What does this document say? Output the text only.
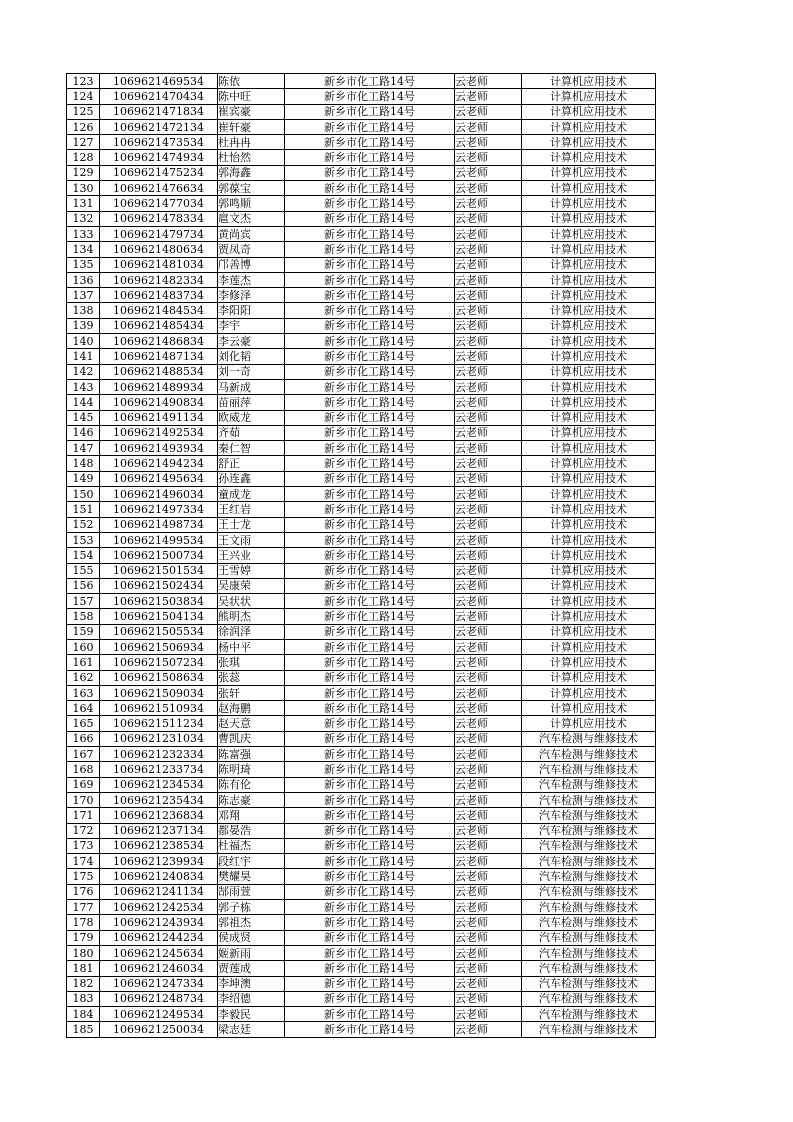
123	1069621469534	陈依	新乡市化工路14号	云老师	计算机应用技术
124	1069621470434	陈中旺	新乡市化工路14号	云老师	计算机应用技术
125	1069621471834	崔宾豪	新乡市化工路14号	云老师	计算机应用技术
126	1069621472134	崔轩豪	新乡市化工路14号	云老师	计算机应用技术
127	1069621473534	杜冉冉	新乡市化工路14号	云老师	计算机应用技术
128	1069621474934	杜怡然	新乡市化工路14号	云老师	计算机应用技术
129	1069621475234	郭海鑫	新乡市化工路14号	云老师	计算机应用技术
130	1069621476634	郭葆宝	新乡市化工路14号	云老师	计算机应用技术
131	1069621477034	郭鸣顺	新乡市化工路14号	云老师	计算机应用技术
132	1069621478334	扈文杰	新乡市化工路14号	云老师	计算机应用技术
133	1069621479734	黄尚宾	新乡市化工路14号	云老师	计算机应用技术
134	1069621480634	贾凤奇	新乡市化工路14号	云老师	计算机应用技术
135	1069621481034	邝善博	新乡市化工路14号	云老师	计算机应用技术
136	1069621482334	李莲杰	新乡市化工路14号	云老师	计算机应用技术
137	1069621483734	李修泽	新乡市化工路14号	云老师	计算机应用技术
138	1069621484534	李阳阳	新乡市化工路14号	云老师	计算机应用技术
139	1069621485434	李宇	新乡市化工路14号	云老师	计算机应用技术
140	1069621486834	李云豪	新乡市化工路14号	云老师	计算机应用技术
141	1069621487134	刘化韬	新乡市化工路14号	云老师	计算机应用技术
142	1069621488534	刘一奇	新乡市化工路14号	云老师	计算机应用技术
143	1069621489934	马新成	新乡市化工路14号	云老师	计算机应用技术
144	1069621490834	苗丽萍	新乡市化工路14号	云老师	计算机应用技术
145	1069621491134	欧威龙	新乡市化工路14号	云老师	计算机应用技术
146	1069621492534	齐茹	新乡市化工路14号	云老师	计算机应用技术
147	1069621493934	秦仁智	新乡市化工路14号	云老师	计算机应用技术
148	1069621494234	舒正	新乡市化工路14号	云老师	计算机应用技术
149	1069621495634	孙连鑫	新乡市化工路14号	云老师	计算机应用技术
150	1069621496034	童成龙	新乡市化工路14号	云老师	计算机应用技术
151	1069621497334	王红岩	新乡市化工路14号	云老师	计算机应用技术
152	1069621498734	王士龙	新乡市化工路14号	云老师	计算机应用技术
153	1069621499534	王文雨	新乡市化工路14号	云老师	计算机应用技术
154	1069621500734	王兴业	新乡市化工路14号	云老师	计算机应用技术
155	1069621501534	王雪婷	新乡市化工路14号	云老师	计算机应用技术
156	1069621502434	吴康荣	新乡市化工路14号	云老师	计算机应用技术
157	1069621503834	吴状状	新乡市化工路14号	云老师	计算机应用技术
158	1069621504134	熊明杰	新乡市化工路14号	云老师	计算机应用技术
159	1069621505534	徐润泽	新乡市化工路14号	云老师	计算机应用技术
160	1069621506934	杨中平	新乡市化工路14号	云老师	计算机应用技术
161	1069621507234	张琪	新乡市化工路14号	云老师	计算机应用技术
162	1069621508634	张蕊	新乡市化工路14号	云老师	计算机应用技术
163	1069621509034	张轩	新乡市化工路14号	云老师	计算机应用技术
164	1069621510934	赵海鹏	新乡市化工路14号	云老师	计算机应用技术
165	1069621511234	赵天意	新乡市化工路14号	云老师	计算机应用技术
166	1069621231034	曹凯庆	新乡市化工路14号	云老师	汽车检测与维修技术
167	1069621232334	陈富强	新乡市化工路14号	云老师	汽车检测与维修技术
168	1069621233734	陈明琦	新乡市化工路14号	云老师	汽车检测与维修技术
169	1069621234534	陈有伦	新乡市化工路14号	云老师	汽车检测与维修技术
170	1069621235434	陈志豪	新乡市化工路14号	云老师	汽车检测与维修技术
171	1069621236834	邓翔	新乡市化工路14号	云老师	汽车检测与维修技术
172	1069621237134	都晏浩	新乡市化工路14号	云老师	汽车检测与维修技术
173	1069621238534	杜福杰	新乡市化工路14号	云老师	汽车检测与维修技术
174	1069621239934	段红宇	新乡市化工路14号	云老师	汽车检测与维修技术
175	1069621240834	樊耀昊	新乡市化工路14号	云老师	汽车检测与维修技术
176	1069621241134	郜雨萱	新乡市化工路14号	云老师	汽车检测与维修技术
177	1069621242534	郭子栋	新乡市化工路14号	云老师	汽车检测与维修技术
178	1069621243934	郭祖杰	新乡市化工路14号	云老师	汽车检测与维修技术
179	1069621244234	侯成贤	新乡市化工路14号	云老师	汽车检测与维修技术
180	1069621245634	姬新雨	新乡市化工路14号	云老师	汽车检测与维修技术
181	1069621246034	贾莲成	新乡市化工路14号	云老师	汽车检测与维修技术
182	1069621247334	李坤澳	新乡市化工路14号	云老师	汽车检测与维修技术
183	1069621248734	李绍德	新乡市化工路14号	云老师	汽车检测与维修技术
184	1069621249534	李毅民	新乡市化工路14号	云老师	汽车检测与维修技术
185	1069621250034	梁志廷	新乡市化工路14号	云老师	汽车检测与维修技术
